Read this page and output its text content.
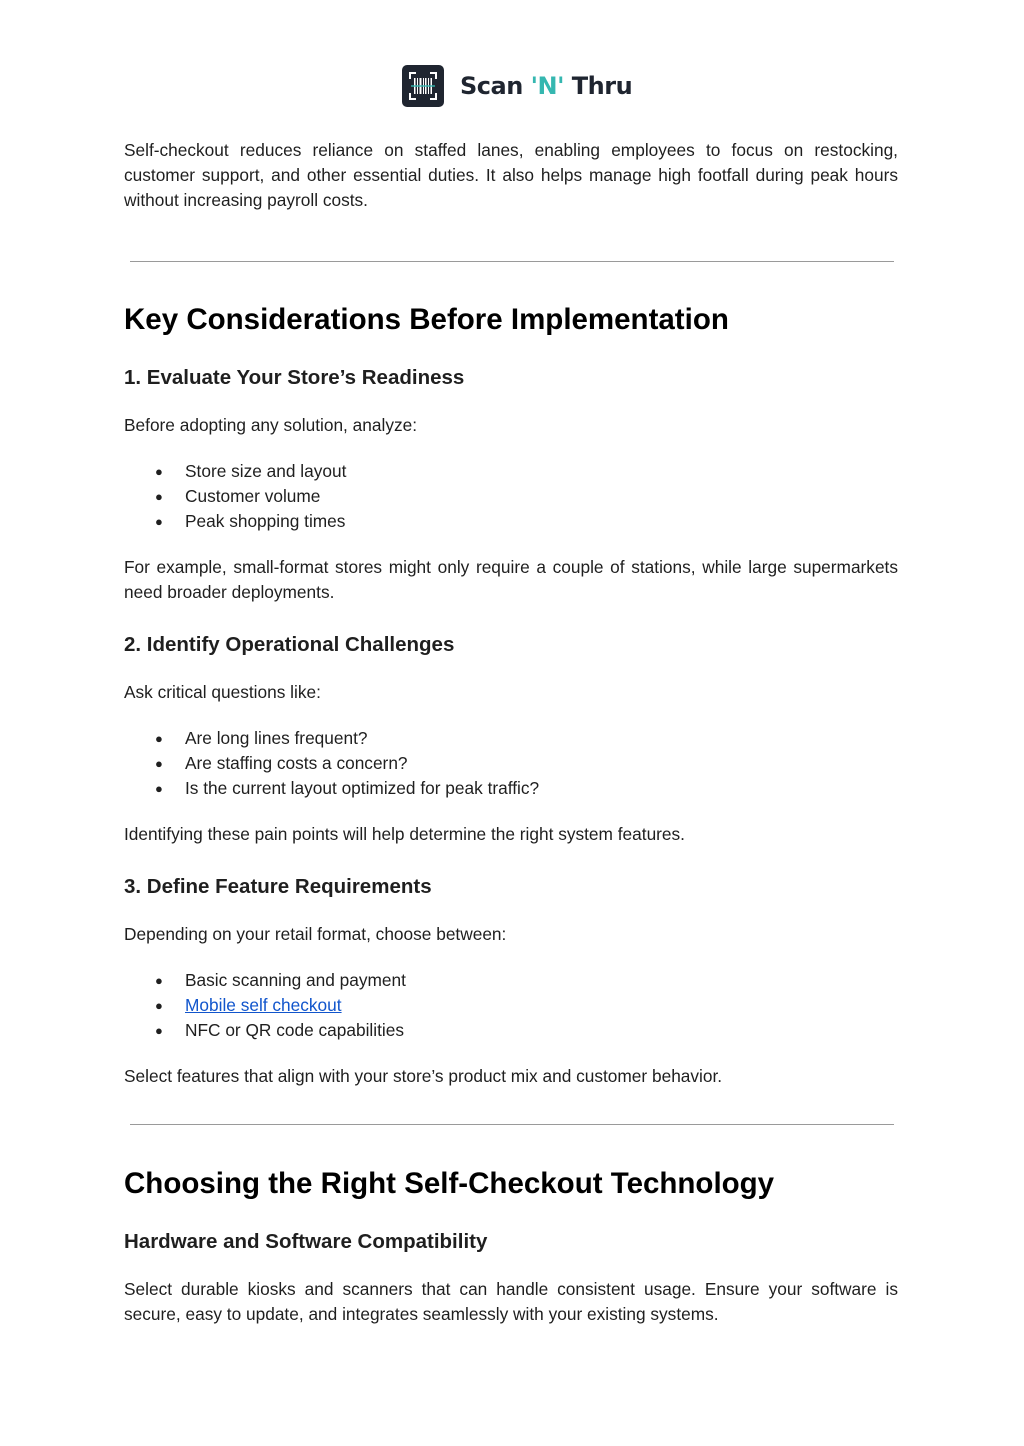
Scan 'N' Thru

Self-checkout reduces reliance on staffed lanes, enabling employees to focus on restocking, customer support, and other essential duties. It also helps manage high footfall during peak hours without increasing payroll costs.

Key Considerations Before Implementation
1. Evaluate Your Store’s Readiness

Before adopting any solution, analyze:

● Store size and layout
● Customer volume
● Peak shopping times

For example, small-format stores might only require a couple of stations, while large supermarkets need broader deployments.

2. Identify Operational Challenges

Ask critical questions like:

● Are long lines frequent?
● Are staffing costs a concern?
● Is the current layout optimized for peak traffic?

Identifying these pain points will help determine the right system features.

3. Define Feature Requirements

Depending on your retail format, choose between:

● Basic scanning and payment
● Mobile self checkout
● NFC or QR code capabilities

Select features that align with your store’s product mix and customer behavior.

Choosing the Right Self-Checkout Technology
Hardware and Software Compatibility

Select durable kiosks and scanners that can handle consistent usage. Ensure your software is secure, easy to update, and integrates seamlessly with your existing systems.
